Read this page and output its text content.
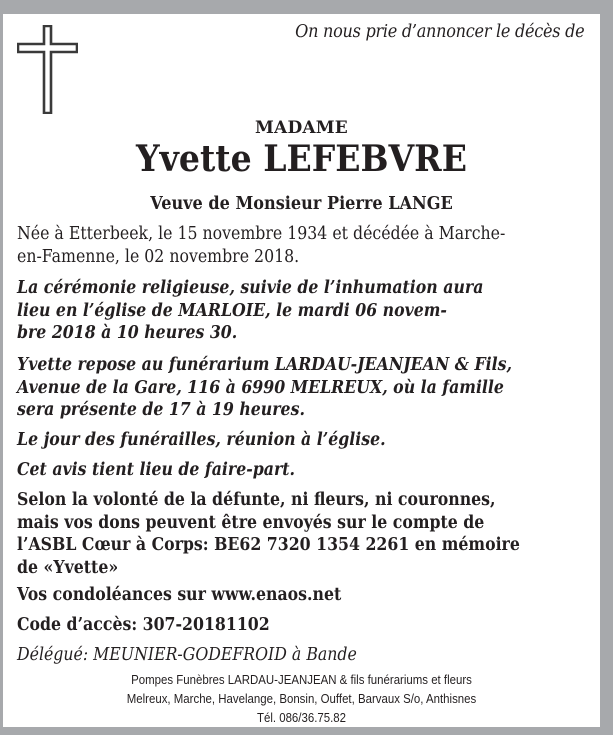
On nous prie d’annoncer le décès de
MADAME
Yvette LEFEBVRE
Veuve de Monsieur Pierre LANGE
Née à Etterbeek, le 15 novembre 1934 et décédée à Marche-
en-Famenne, le 02 novembre 2018.
La cérémonie religieuse, suivie de l’inhumation aura
lieu en l’église de MARLOIE, le mardi 06 novem-
bre 2018 à 10 heures 30.
Yvette repose au funérarium LARDAU-JEANJEAN & Fils,
Avenue de la Gare, 116 à 6990 MELREUX, où la famille
sera présente de 17 à 19 heures.
Le jour des funérailles, réunion à l’église.
Cet avis tient lieu de faire-part.
Selon la volonté de la défunte, ni fleurs, ni couronnes,
mais vos dons peuvent être envoyés sur le compte de
l’ASBL Cœur à Corps: BE62 7320 1354 2261 en mémoire
de «Yvette»
Vos condoléances sur www.enaos.net
Code d’accès: 307-20181102
Délégué: MEUNIER-GODEFROID à Bande
Pompes Funèbres LARDAU-JEANJEAN & fils funérariums et fleurs
Melreux, Marche, Havelange, Bonsin, Ouffet, Barvaux S/o, Anthisnes
Tél. 086/36.75.82
